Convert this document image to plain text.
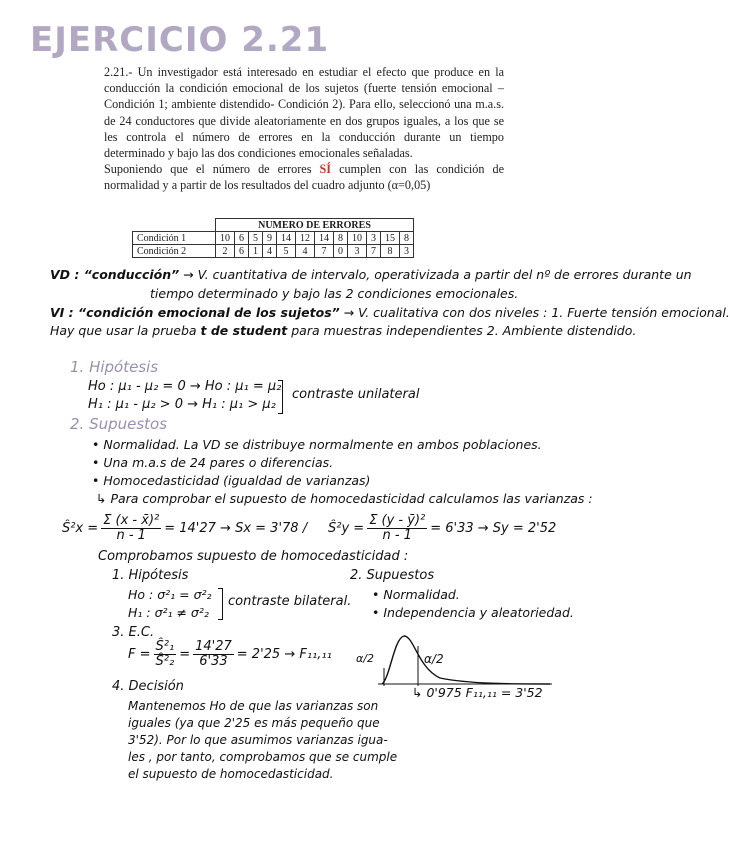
EJERCICIO 2.21

2.21.- Un investigador está interesado en estudiar el efecto que produce en la conducción la condición emocional de los sujetos (fuerte tensión emocional – Condición 1; ambiente distendido- Condición 2). Para ello, seleccionó una m.a.s. de 24 conductores que divide aleatoriamente en dos grupos iguales, a los que se les controla el número de errores en la conducción durante un tiempo determinado y bajo las dos condiciones emocionales señaladas.

Suponiendo que el número de errores SÍ cumplen con las condición de normalidad y a partir de los resultados del cuadro adjunto (α=0,05)

	NUMERO DE ERRORES											
Condición 1	10	6	5	9	14	12	14	8	10	3	15	8
Condición 2	2	6	1	4	5	4	7	0	3	7	8	3
VD : “conducción” → V. cuantitativa de intervalo, operativizada a partir del nº de errores durante un
tiempo determinado y bajo las 2 condiciones emocionales.
VI : “condición emocional de los sujetos” → V. cualitativa con dos niveles : 1. Fuerte tensión emocional.
Hay que usar la prueba t de student para muestras independientes 2. Ambiente distendido.
1. Hipótesis
Ho : μ₁ - μ₂ = 0 → Ho : μ₁ = μ₂
H₁ : μ₁ - μ₂ > 0 → H₁ : μ₁ > μ₂
contraste unilateral
2. Supuestos
• Normalidad. La VD se distribuye normalmente en ambos poblaciones.
• Una m.a.s de 24 pares o diferencias.
• Homocedasticidad (igualdad de varianzas)
↳ Para comprobar el supuesto de homocedasticidad calculamos las varianzas :
Ŝ²x = $\frac{\text{Σ (x - x̄)²}}{n - 1} = 14'27 \to Sx = 3'78$ / Ŝ²y = $\frac{\text{Σ (y - ȳ)²}}{n - 1} = 6'33 \to Sy = 2'52$
Comprobamos supuesto de homocedasticidad :
1. Hipótesis
Ho : σ²₁ = σ²₂
H₁ : σ²₁ ≠ σ²₂
contraste bilateral.
2. Supuestos
• Normalidad.
• Independencia y aleatoriedad.
3. E.C.
$F = \frac{\text{Ŝ²₁}}{\text{Ŝ²₂}} = \frac{14'27}{6'33} = 2'25 \to F_{11},_{11}$ α/2	α/2
↳ 0'975 F₁₁,₁₁ = 3'52
4. Decisión
Mantenemos Ho de que las varianzas son
iguales (ya que 2'25 es más pequeño que
3'52). Por lo que asumimos varianzas igua-
les , por tanto, comprobamos que se cumple
el supuesto de homocedasticidad.
